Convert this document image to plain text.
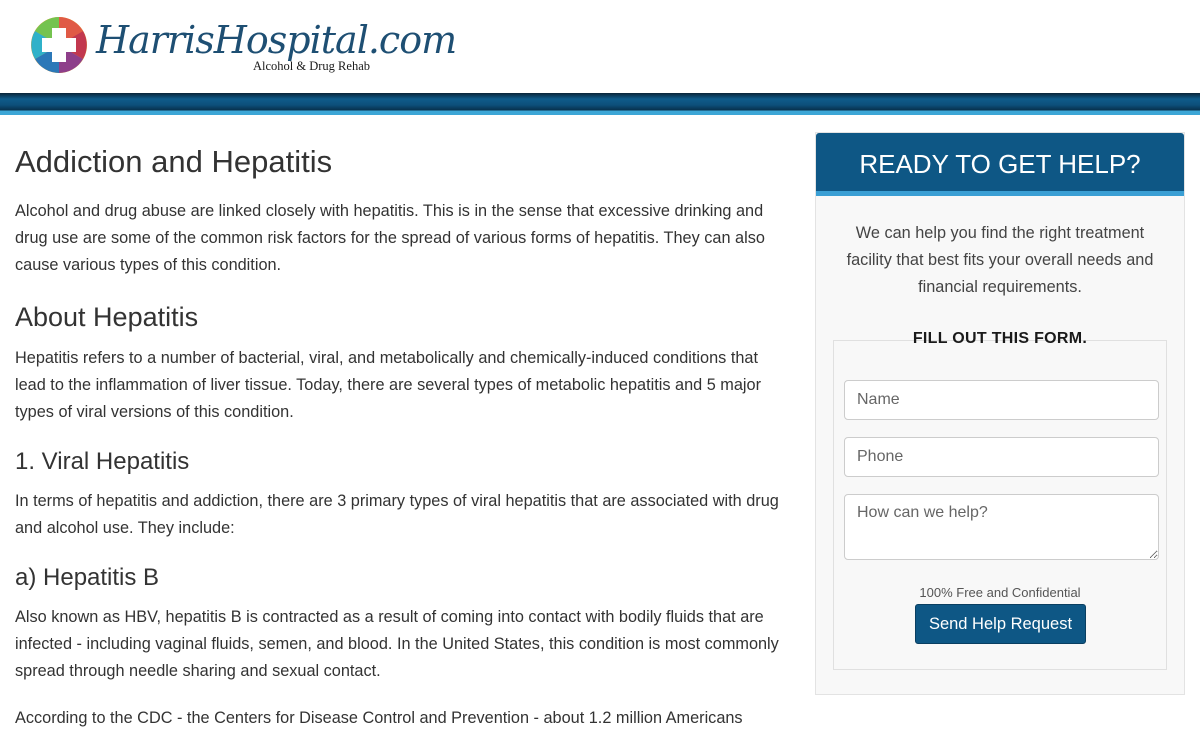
HarrisHospital.com
Alcohol & Drug Rehab
Addiction and Hepatitis

Alcohol and drug abuse are linked closely with hepatitis. This is in the sense that excessive drinking and drug use are some of the common risk factors for the spread of various forms of hepatitis. They can also cause various types of this condition.

About Hepatitis

Hepatitis refers to a number of bacterial, viral, and metabolically and chemically-induced conditions that lead to the inflammation of liver tissue. Today, there are several types of metabolic hepatitis and 5 major types of viral versions of this condition.

1. Viral Hepatitis

In terms of hepatitis and addiction, there are 3 primary types of viral hepatitis that are associated with drug and alcohol use. They include:

a) Hepatitis B

Also known as HBV, hepatitis B is contracted as a result of coming into contact with bodily fluids that are infected - including vaginal fluids, semen, and blood. In the United States, this condition is most commonly spread through needle sharing and sexual contact.

According to the CDC - the Centers for Disease Control and Prevention - about 1.2 million Americans

READY TO GET HELP?

We can help you find the right treatment facility that best fits your overall needs and financial requirements.

FILL OUT THIS FORM.
Name
Phone
How can we help?
100% Free and Confidential
Send Help Request
